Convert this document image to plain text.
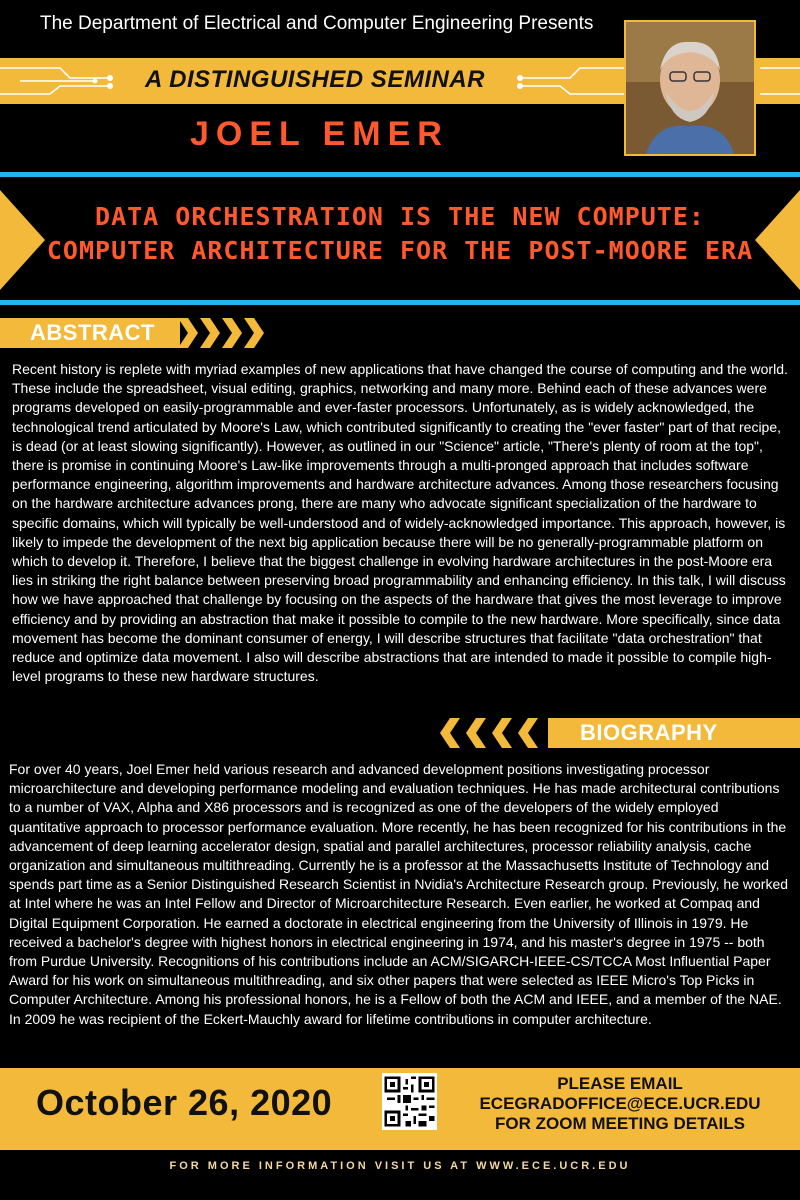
The Department of Electrical and Computer Engineering Presents
A DISTINGUISHED SEMINAR
JOEL EMER
DATA ORCHESTRATION IS THE NEW COMPUTE:
COMPUTER ARCHITECTURE FOR THE POST-MOORE ERA
ABSTRACT
Recent history is replete with myriad examples of new applications that have changed the course of computing and the world. These include the spreadsheet, visual editing, graphics, networking and many more. Behind each of these advances were programs developed on easily-programmable and ever-faster processors. Unfortunately, as is widely acknowledged, the technological trend articulated by Moore's Law, which contributed significantly to creating the "ever faster" part of that recipe, is dead (or at least slowing significantly). However, as outlined in our "Science" article, "There's plenty of room at the top", there is promise in continuing Moore's Law-like improvements through a multi-pronged approach that includes software performance engineering, algorithm improvements and hardware architecture advances. Among those researchers focusing on the hardware architecture advances prong, there are many who advocate significant specialization of the hardware to specific domains, which will typically be well-understood and of widely-acknowledged importance. This approach, however, is likely to impede the development of the next big application because there will be no generally-programmable platform on which to develop it. Therefore, I believe that the biggest challenge in evolving hardware architectures in the post-Moore era lies in striking the right balance between preserving broad programmability and enhancing efficiency. In this talk, I will discuss how we have approached that challenge by focusing on the aspects of the hardware that gives the most leverage to improve efficiency and by providing an abstraction that make it possible to compile to the new hardware. More specifically, since data movement has become the dominant consumer of energy, I will describe structures that facilitate "data orchestration" that reduce and optimize data movement. I also will describe abstractions that are intended to made it possible to compile high-level programs to these new hardware structures.
BIOGRAPHY
For over 40 years, Joel Emer held various research and advanced development positions investigating processor microarchitecture and developing performance modeling and evaluation techniques. He has made architectural contributions to a number of VAX, Alpha and X86 processors and is recognized as one of the developers of the widely employed quantitative approach to processor performance evaluation. More recently, he has been recognized for his contributions in the advancement of deep learning accelerator design, spatial and parallel architectures, processor reliability analysis, cache organization and simultaneous multithreading. Currently he is a professor at the Massachusetts Institute of Technology and spends part time as a Senior Distinguished Research Scientist in Nvidia's Architecture Research group. Previously, he worked at Intel where he was an Intel Fellow and Director of Microarchitecture Research. Even earlier, he worked at Compaq and Digital Equipment Corporation. He earned a doctorate in electrical engineering from the University of Illinois in 1979. He received a bachelor's degree with highest honors in electrical engineering in 1974, and his master's degree in 1975 -- both from Purdue University. Recognitions of his contributions include an ACM/SIGARCH-IEEE-CS/TCCA Most Influential Paper Award for his work on simultaneous multithreading, and six other papers that were selected as IEEE Micro's Top Picks in Computer Architecture. Among his professional honors, he is a Fellow of both the ACM and IEEE, and a member of the NAE. In 2009 he was recipient of the Eckert-Mauchly award for lifetime contributions in computer architecture.
October 26, 2020	PLEASE EMAIL
ECEGRADOFFICE@ECE.UCR.EDU
FOR ZOOM MEETING DETAILS
FOR MORE INFORMATION VISIT US AT WWW.ECE.UCR.EDU
